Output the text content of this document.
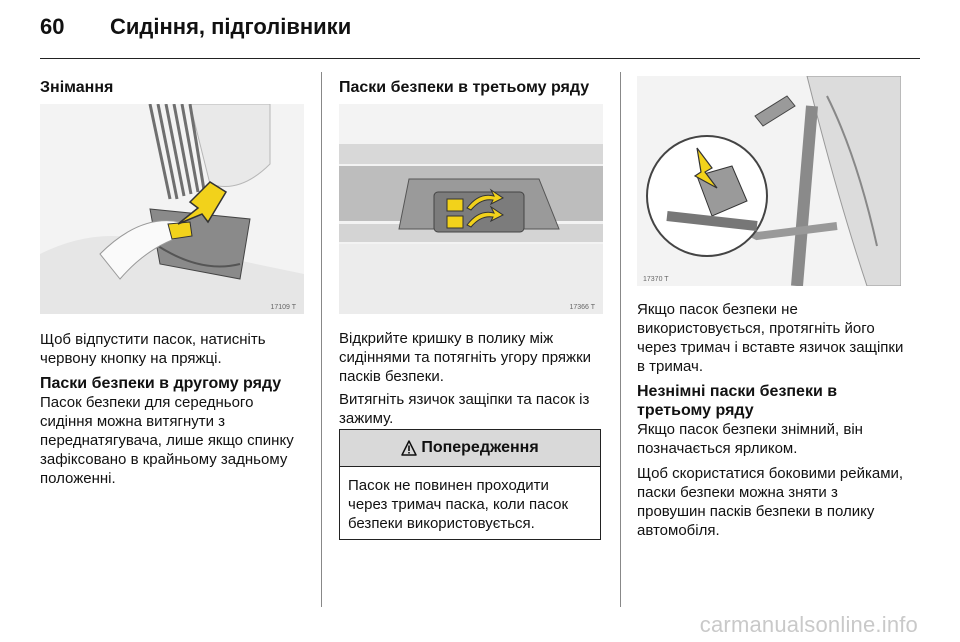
60	Сидіння, підголівники
Знімання
17109 T
Щоб відпустити пасок, натисніть червону кнопку на пряжці.
Паски безпеки в другому ряду
Пасок безпеки для середнього сидіння можна витягнути з переднатягувача, лише якщо спинку зафіксовано в крайньому задньому положенні.
Паски безпеки в третьому ряду
17366 T
Відкрийте кришку в полику між сидіннями та потягніть угору пряжки пасків безпеки.
Витягніть язичок защіпки та пасок із зажиму.
Попередження
Пасок не повинен проходити через тримач паска, коли пасок безпеки використовується.
17370 T
Якщо пасок безпеки не використовується, протягніть його через тримач і вставте язичок защіпки в тримач.
Незнімні паски безпеки в третьому ряду
Якщо пасок безпеки знімний, він позначається ярликом.
Щоб скористатися боковими рейками, паски безпеки можна зняти з провушин пасків безпеки в полику автомобіля.
carmanualsonline.info
